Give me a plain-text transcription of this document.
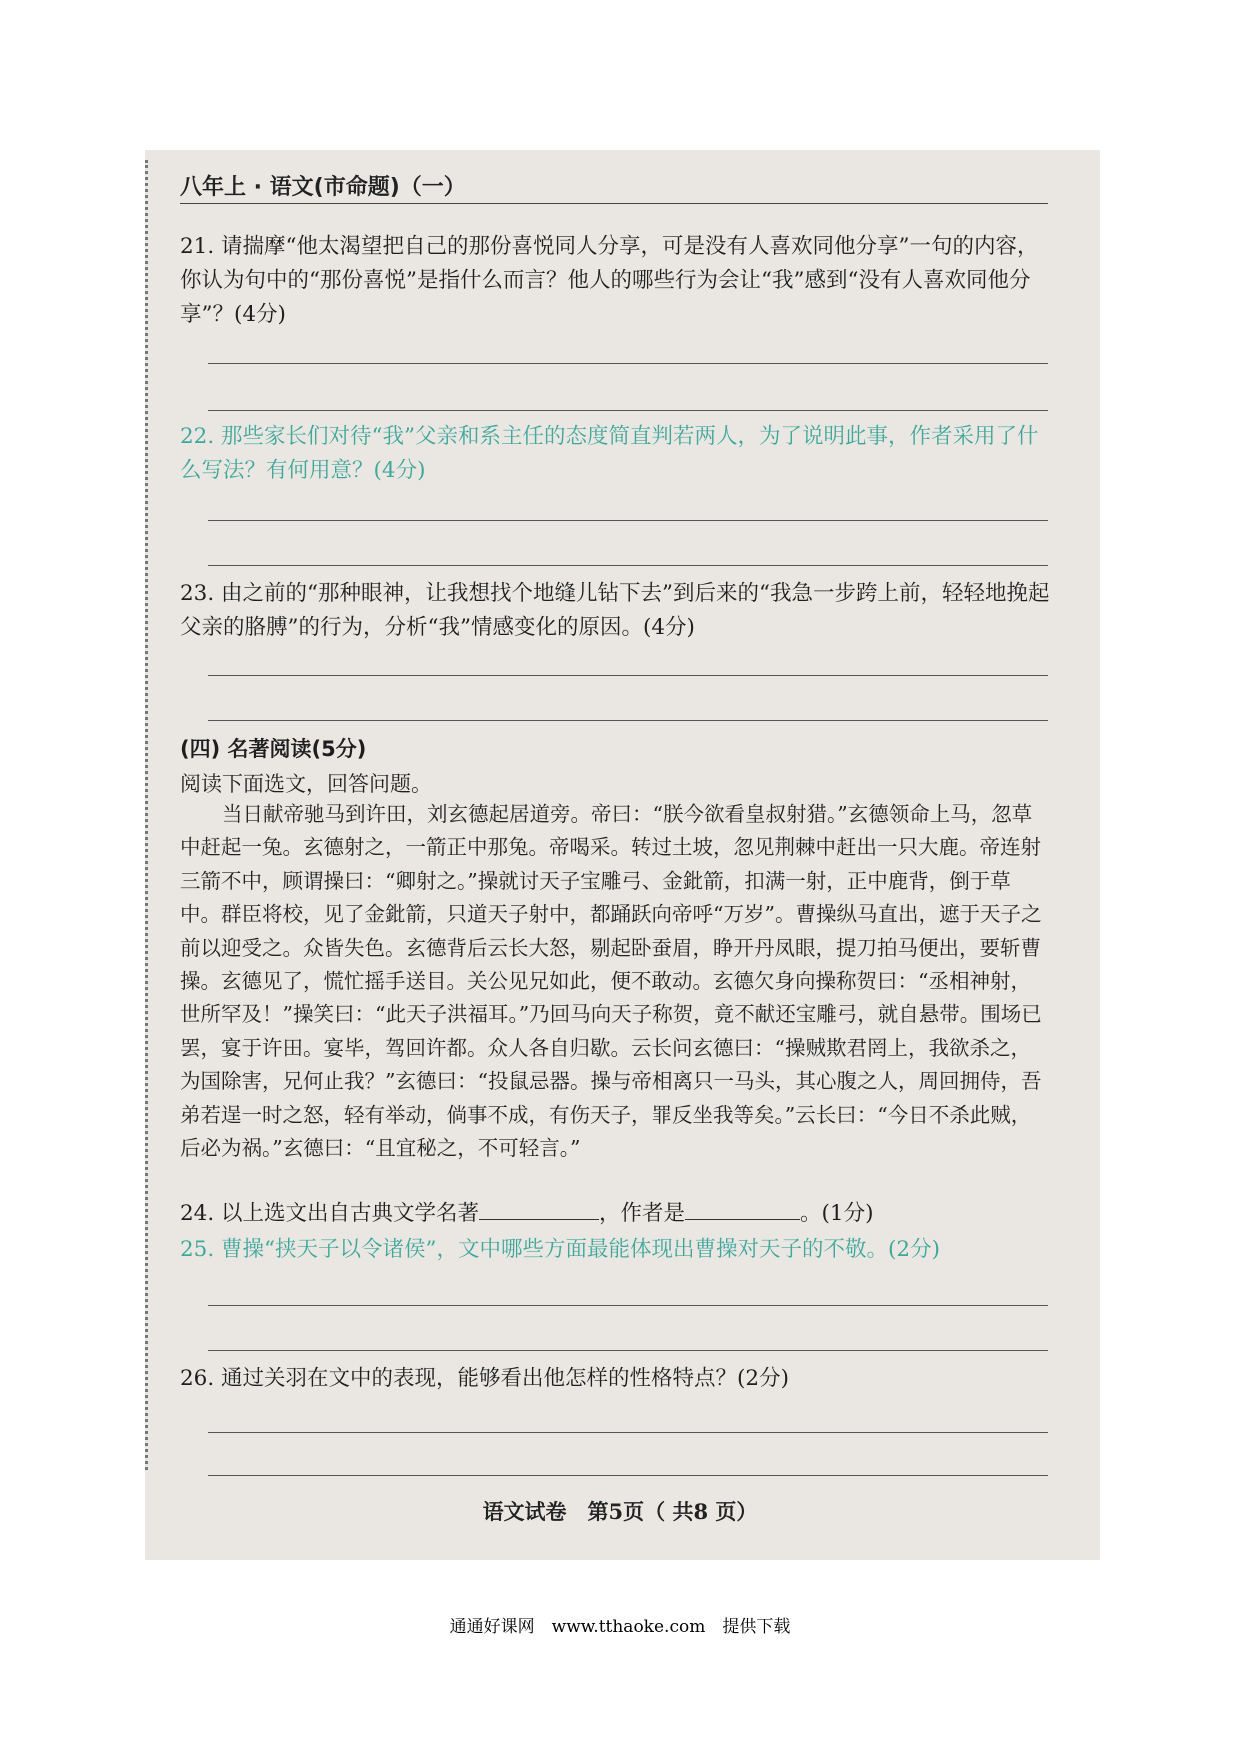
八年上 · 语文(市命题)（一）

21. 请揣摩“他太渴望把自己的那份喜悦同人分享，可是没有人喜欢同他分享”一句的内容，你认为句中的“那份喜悦”是指什么而言？他人的哪些行为会让“我”感到“没有人喜欢同他分享”？(4分)

22. 那些家长们对待“我”父亲和系主任的态度简直判若两人，为了说明此事，作者采用了什么写法？有何用意？(4分)

23. 由之前的“那种眼神，让我想找个地缝儿钻下去”到后来的“我急一步跨上前，轻轻地挽起父亲的胳膊”的行为，分析“我”情感变化的原因。(4分)

(四) 名著阅读(5分)
阅读下面选文，回答问题。

当日献帝驰马到许田，刘玄德起居道旁。帝曰：“朕今欲看皇叔射猎。”玄德领命上马，忽草中赶起一兔。玄德射之，一箭正中那兔。帝喝采。转过土坡，忽见荆棘中赶出一只大鹿。帝连射三箭不中，顾谓操曰：“卿射之。”操就讨天子宝雕弓、金鈚箭，扣满一射，正中鹿背，倒于草中。群臣将校，见了金鈚箭，只道天子射中，都踊跃向帝呼“万岁”。曹操纵马直出，遮于天子之前以迎受之。众皆失色。玄德背后云长大怒，剔起卧蚕眉，睁开丹凤眼，提刀拍马便出，要斩曹操。玄德见了，慌忙摇手送目。关公见兄如此，便不敢动。玄德欠身向操称贺曰：“丞相神射，世所罕及！”操笑曰：“此天子洪福耳。”乃回马向天子称贺，竟不献还宝雕弓，就自悬带。围场已罢，宴于许田。宴毕，驾回许都。众人各自归歇。云长问玄德曰：“操贼欺君罔上，我欲杀之，为国除害，兄何止我？”玄德曰：“投鼠忌器。操与帝相离只一马头，其心腹之人，周回拥侍，吾弟若逞一时之怒，轻有举动，倘事不成，有伤天子，罪反坐我等矣。”云长曰：“今日不杀此贼，后必为祸。”玄德曰：“且宜秘之，不可轻言。”

24. 以上选文出自古典文学名著	，作者是	。(1分)

25. 曹操“挟天子以令诸侯”，文中哪些方面最能体现出曹操对天子的不敬。(2分)

26. 通过关羽在文中的表现，能够看出他怎样的性格特点？(2分)

语文试卷　第5页（ 共8 页）
通通好课网　www.tthaoke.com　提供下载
